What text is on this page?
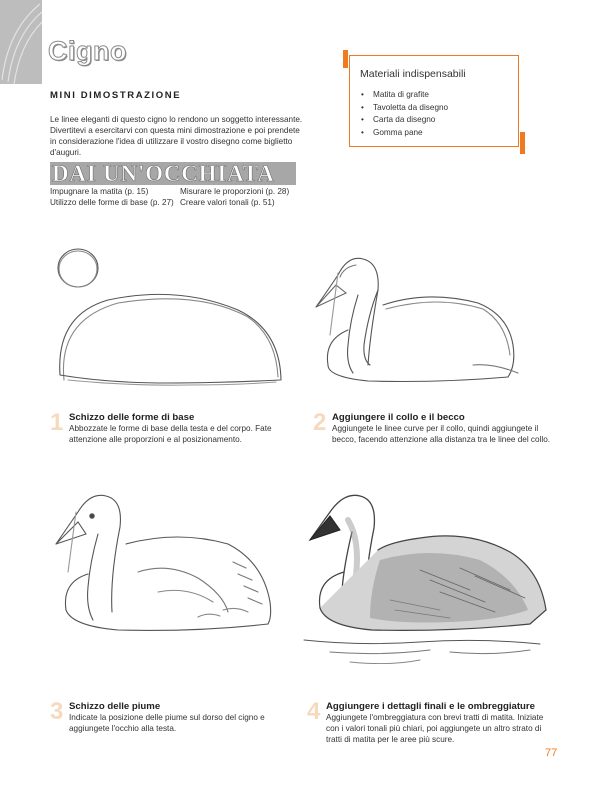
Cigno
MINI DIMOSTRAZIONE
Le linee eleganti di questo cigno lo rendono un soggetto interessante. Divertitevi a esercitarvi con questa mini dimostrazione e poi prendete in considerazione l'idea di utilizzare il vostro disegno come biglietto d'auguri.
DAI UN'OCCHIATA
Impugnare la matita (p. 15)
Utilizzo delle forme di base (p. 27)
Misurare le proporzioni (p. 28)
Creare valori tonali (p. 51)
Materiali indispensabili
• Matita di grafite
• Tavoletta da disegno
• Carta da disegno
• Gomma pane
1 Schizzo delle forme di base
Abbozzate le forme di base della testa e del corpo. Fate attenzione alle proporzioni e al posizionamento.
2 Aggiungere il collo e il becco
Aggiungete le linee curve per il collo, quindi aggiungete il becco, facendo attenzione alla distanza tra le linee del collo.
3 Schizzo delle piume
Indicate la posizione delle piume sul dorso del cigno e aggiungete l'occhio alla testa.
4 Aggiungere i dettagli finali e le ombreggiature
Aggiungete l'ombreggiatura con brevi tratti di matita. Iniziate con i valori tonali più chiari, poi aggiungete un altro strato di tratti di matita per le aree più scure.
77
